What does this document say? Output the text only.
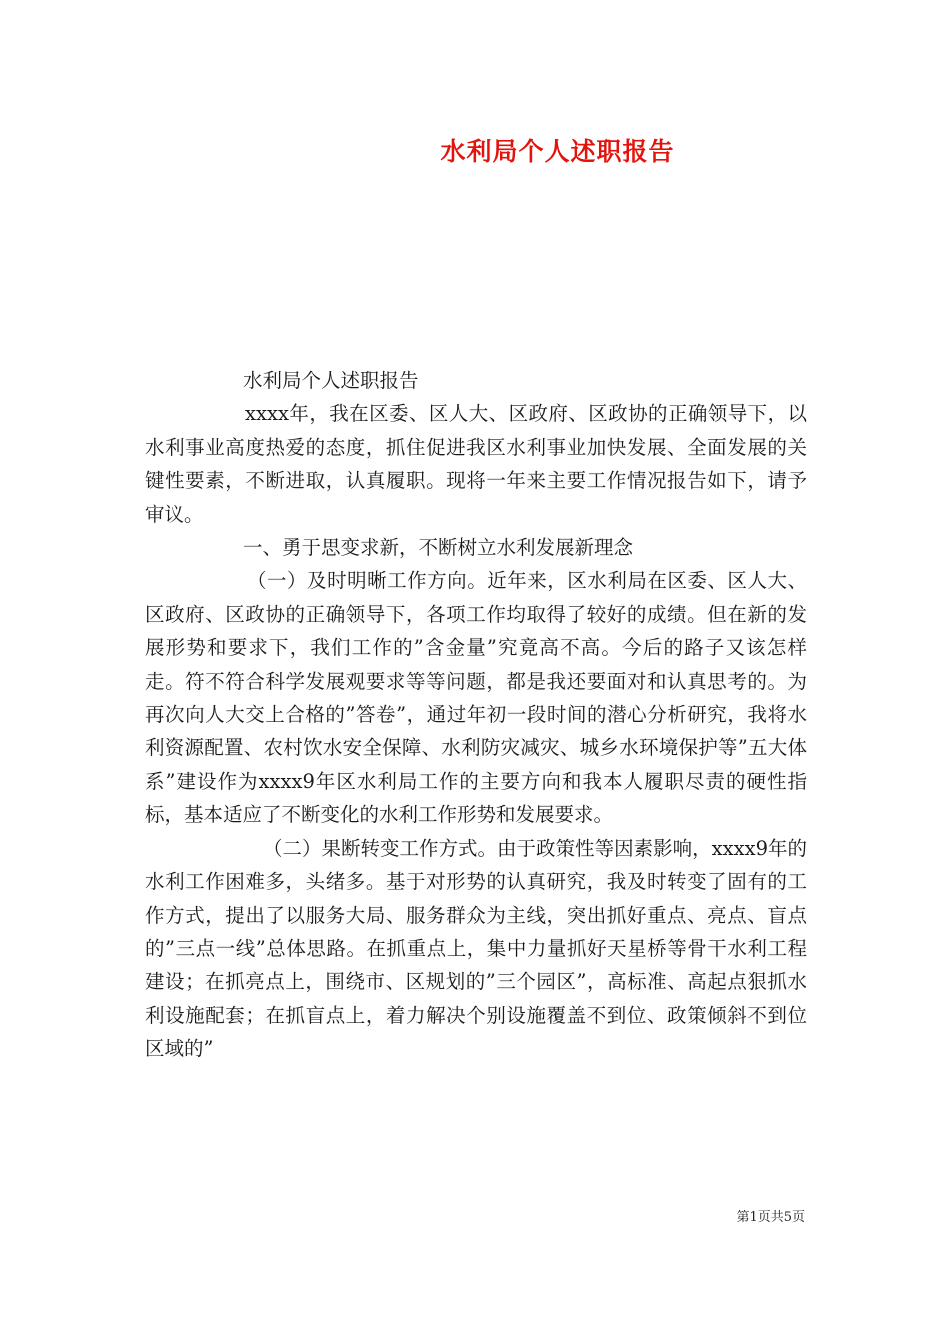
水利局个人述职报告

水利局个人述职报告

xxxx年，我在区委、区人大、区政府、区政协的正确领导下，以水利事业高度热爱的态度，抓住促进我区水利事业加快发展、全面发展的关键性要素，不断进取，认真履职。现将一年来主要工作情况报告如下，请予审议。

一、勇于思变求新，不断树立水利发展新理念

（一）及时明晰工作方向。近年来，区水利局在区委、区人大、区政府、区政协的正确领导下，各项工作均取得了较好的成绩。但在新的发展形势和要求下，我们工作的”含金量”究竟高不高。今后的路子又该怎样走。符不符合科学发展观要求等等问题，都是我还要面对和认真思考的。为再次向人大交上合格的”答卷”，通过年初一段时间的潜心分析研究，我将水利资源配置、农村饮水安全保障、水利防灾减灾、城乡水环境保护等”五大体系”建设作为xxxx9年区水利局工作的主要方向和我本人履职尽责的硬性指标，基本适应了不断变化的水利工作形势和发展要求。

（二）果断转变工作方式。由于政策性等因素影响，xxxx9年的水利工作困难多，头绪多。基于对形势的认真研究，我及时转变了固有的工作方式，提出了以服务大局、服务群众为主线，突出抓好重点、亮点、盲点的”三点一线”总体思路。在抓重点上，集中力量抓好天星桥等骨干水利工程建设；在抓亮点上，围绕市、区规划的”三个园区”，高标准、高起点狠抓水利设施配套；在抓盲点上，着力解决个别设施覆盖不到位、政策倾斜不到位区域的”

第1页共5页
